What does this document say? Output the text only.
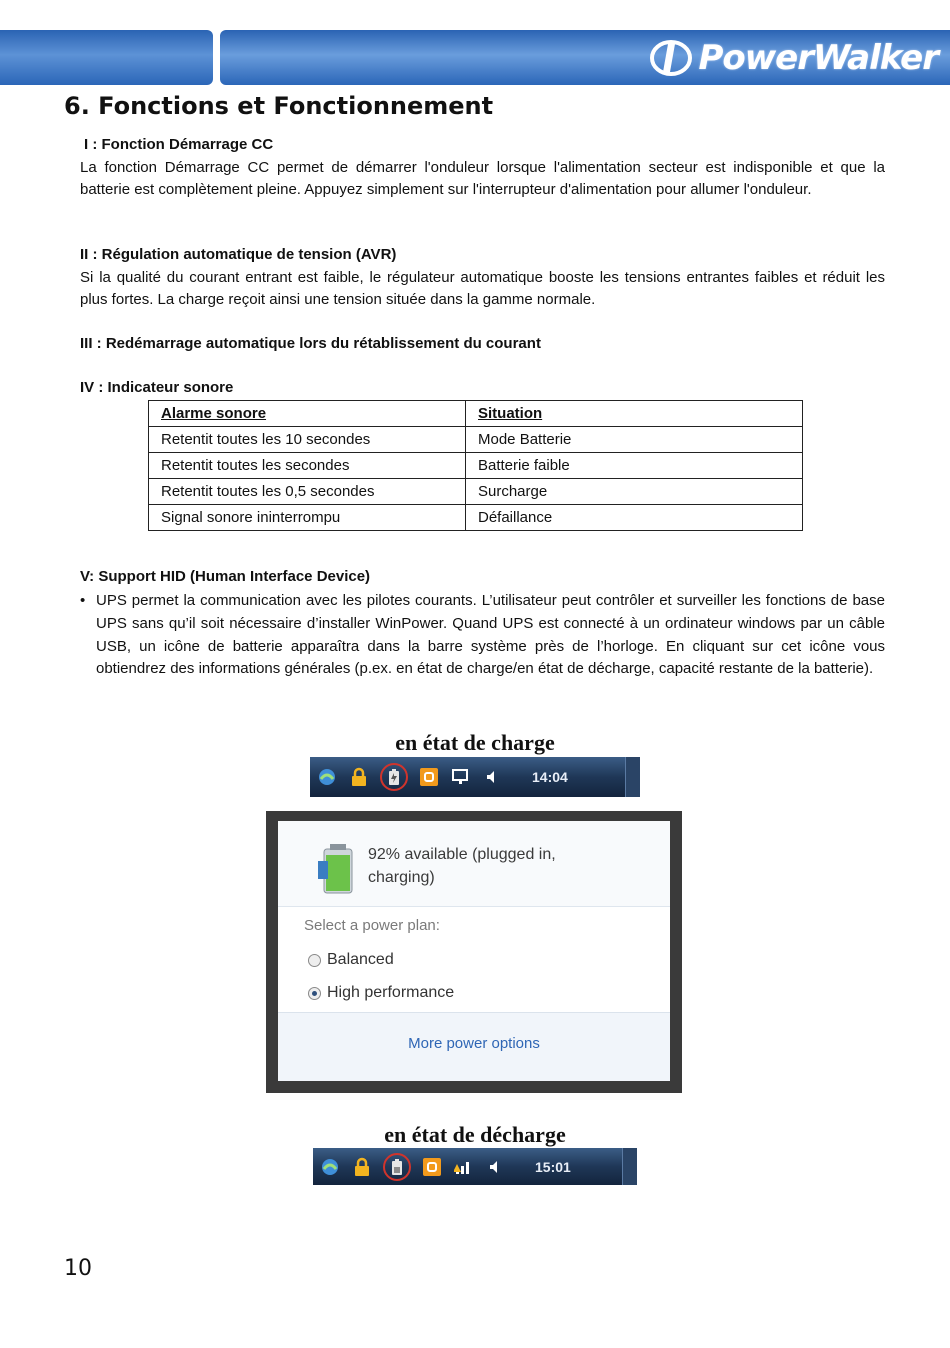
PowerWalker
6. Fonctions et Fonctionnement
I : Fonction Démarrage CC

La fonction Démarrage CC permet de démarrer l'onduleur lorsque l'alimentation secteur est indisponible et que la batterie est complètement pleine. Appuyez simplement sur l'interrupteur d'alimentation pour allumer l'onduleur.

II : Régulation automatique de tension (AVR)

Si la qualité du courant entrant est faible, le régulateur automatique booste les tensions entrantes faibles et réduit les plus fortes. La charge reçoit ainsi une tension située dans la gamme normale.

III : Redémarrage automatique lors du rétablissement du courant
IV : Indicateur sonore
Alarme sonore	Situation
Retentit toutes les 10 secondes	Mode Batterie
Retentit toutes les secondes	Batterie faible
Retentit toutes les 0,5 secondes	Surcharge
Signal sonore ininterrompu	Défaillance
V: Support HID (Human Interface Device)
• UPS permet la communication avec les pilotes courants. L’utilisateur peut contrôler et surveiller les fonctions de base UPS sans qu’il soit nécessaire d’installer WinPower. Quand UPS est connecté à un ordinateur windows par un câble USB, un icône de batterie apparaîtra dans la barre système près de l’horloge. En cliquant sur cet icône vous obtiendrez des informations générales (p.ex. en état de charge/en état de décharge, capacité restante de la batterie).
en état de charge
14:04
92% available (plugged in,
charging)
Select a power plan:
Balanced
High performance
More power options
en état de décharge
15:01
10
